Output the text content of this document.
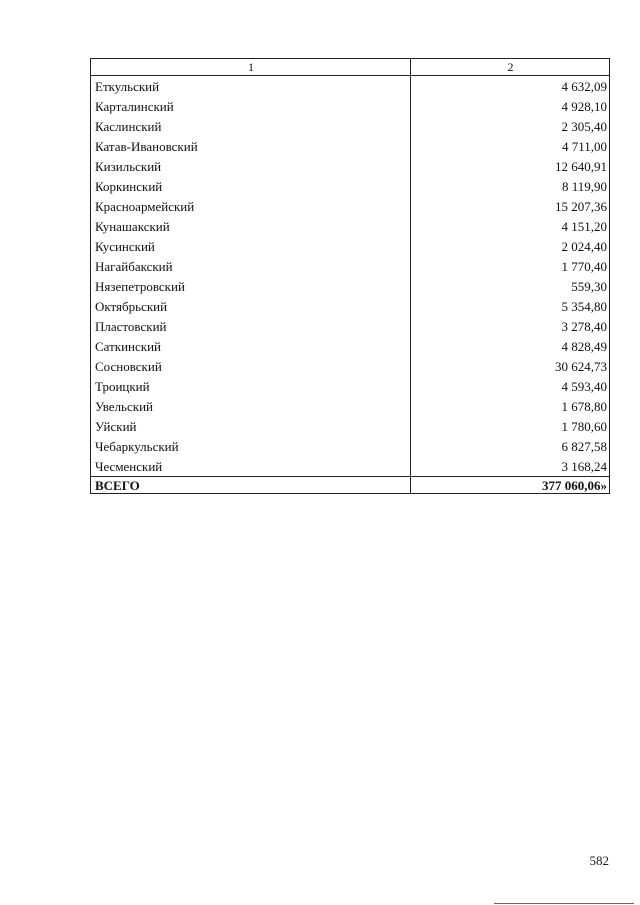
1	2
Еткульский	4 632,09
Карталинский	4 928,10
Каслинский	2 305,40
Катав-Ивановский	4 711,00
Кизильский	12 640,91
Коркинский	8 119,90
Красноармейский	15 207,36
Кунашакский	4 151,20
Кусинский	2 024,40
Нагайбакский	1 770,40
Нязепетровский	559,30
Октябрьский	5 354,80
Пластовский	3 278,40
Саткинский	4 828,49
Сосновский	30 624,73
Троицкий	4 593,40
Увельский	1 678,80
Уйский	1 780,60
Чебаркульский	6 827,58
Чесменский	3 168,24
ВСЕГО	377 060,06»
582
